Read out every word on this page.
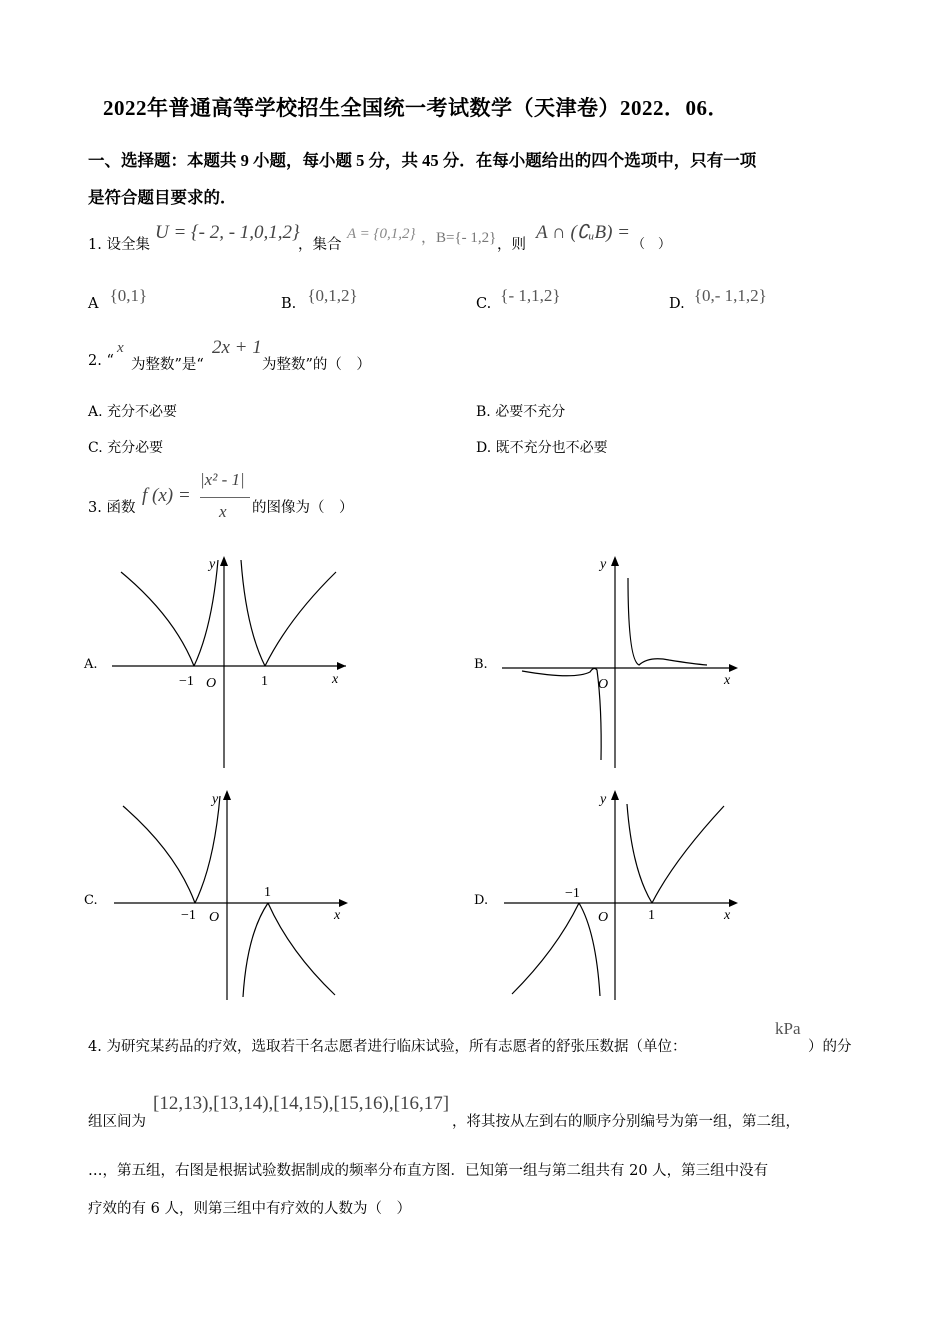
2022年普通高等学校招生全国统一考试数学（天津卷）2022．06．
一、选择题：本题共 9 小题，每小题 5 分，共 45 分．在每小题给出的四个选项中，只有一项
是符合题目要求的．
1. 设全集
U = {- 2, - 1,0,1,2}
，集合
A = {0,1,2} ，B={- 1,2} ，则
A ∩ (∁ᵤB) =
（　）
A {0,1}	B. {0,1,2}	C. {- 1,1,2}	D. {0,- 1,1,2}
2. “
x
为整数”是“
2x + 1
为整数”的（　）
A. 充分不必要	B. 必要不充分
C. 充分必要	D. 既不充分也不必要
3. 函数
f (x) =
|x² - 1|
x 的图像为（　）
A.
y
x
O
−1	1
B.
y
x
O
C.
y
x
O
−1
1
D.
y
x
O
−1
1
4. 为研究某药品的疗效，选取若干名志愿者进行临床试验，所有志愿者的舒张压数据（单位：
kPa
）的分
组区间为
[12,13),[13,14),[14,15),[15,16),[16,17]
，将其按从左到右的顺序分别编号为第一组，第二组，
…，第五组，右图是根据试验数据制成的频率分布直方图．已知第一组与第二组共有 20 人，第三组中没有
疗效的有 6 人，则第三组中有疗效的人数为（　）
